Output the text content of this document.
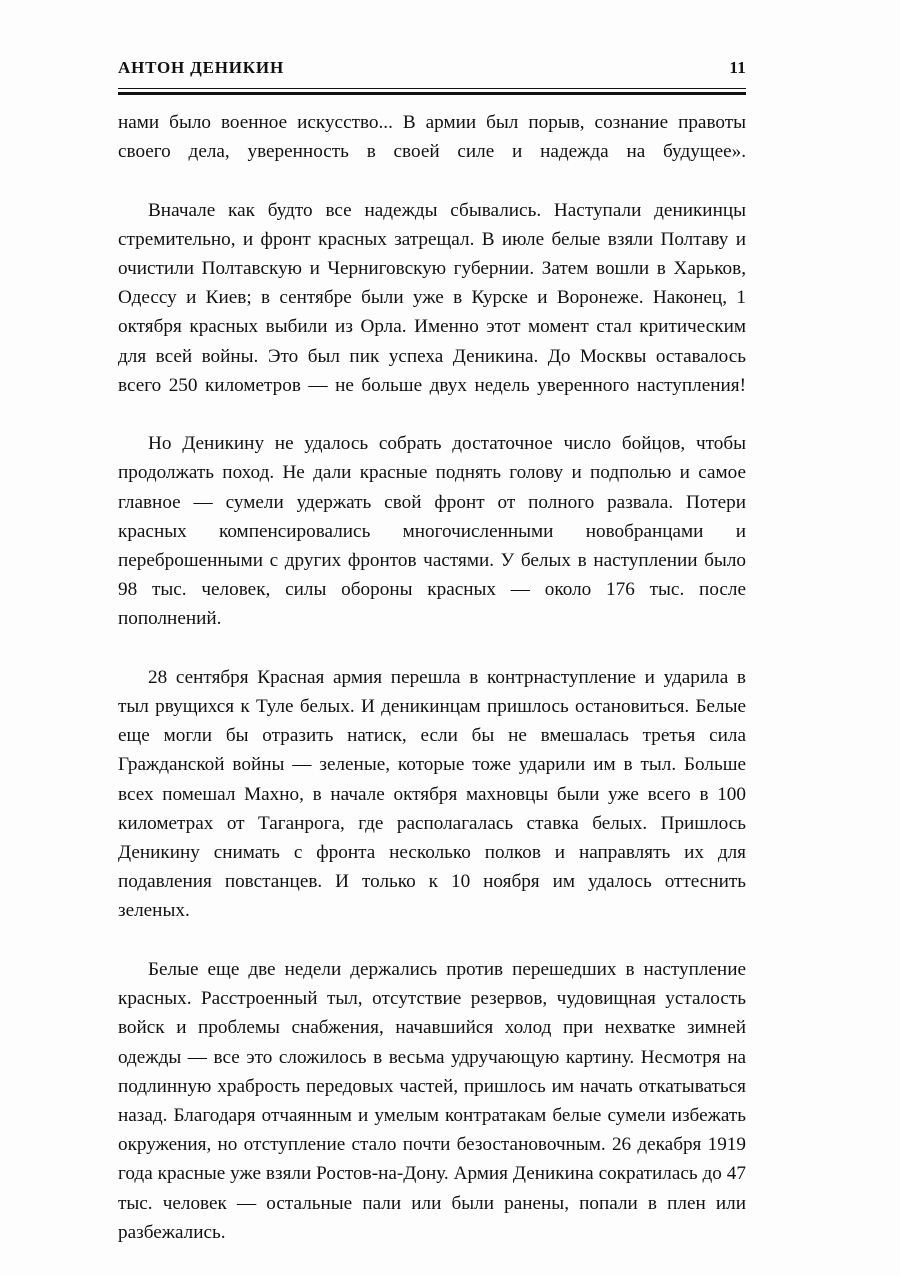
АНТОН ДЕНИКИН	11

нами было военное искусство... В армии был порыв, сознание правоты своего дела, уверенность в своей силе и надежда на будущее».

Вначале как будто все надежды сбывались. Наступали деникинцы стремительно, и фронт красных затрещал. В июле белые взяли Полтаву и очистили Полтавскую и Черниговскую губернии. Затем вошли в Харьков, Одессу и Киев; в сентябре были уже в Курске и Воронеже. Наконец, 1 октября красных выбили из Орла. Именно этот момент стал критическим для всей войны. Это был пик успеха Деникина. До Москвы оставалось всего 250 километров — не больше двух недель уверенного наступления!

Но Деникину не удалось собрать достаточное число бойцов, чтобы продолжать поход. Не дали красные поднять голову и подполью и самое главное — сумели удержать свой фронт от полного развала. Потери красных компенсировались многочисленными новобранцами и переброшенными с других фронтов частями. У белых в наступлении было 98 тыс. человек, силы обороны красных — около 176 тыс. после пополнений.

28 сентября Красная армия перешла в контрнаступление и ударила в тыл рвущихся к Туле белых. И деникинцам пришлось остановиться. Белые еще могли бы отразить натиск, если бы не вмешалась третья сила Гражданской войны — зеленые, которые тоже ударили им в тыл. Больше всех помешал Махно, в начале октября махновцы были уже всего в 100 километрах от Таганрога, где располагалась ставка белых. Пришлось Деникину снимать с фронта несколько полков и направлять их для подавления повстанцев. И только к 10 ноября им удалось оттеснить зеленых.

Белые еще две недели держались против перешедших в наступление красных. Расстроенный тыл, отсутствие резервов, чудовищная усталость войск и проблемы снабжения, начавшийся холод при нехватке зимней одежды — все это сложилось в весьма удручающую картину. Несмотря на подлинную храбрость передовых частей, пришлось им начать откатываться назад. Благодаря отчаянным и умелым контратакам белые сумели избежать окружения, но отступление стало почти безостановочным. 26 декабря 1919 года красные уже взяли Ростов-на-Дону. Армия Деникина сократилась до 47 тыс. человек — остальные пали или были ранены, попали в плен или разбежались.
